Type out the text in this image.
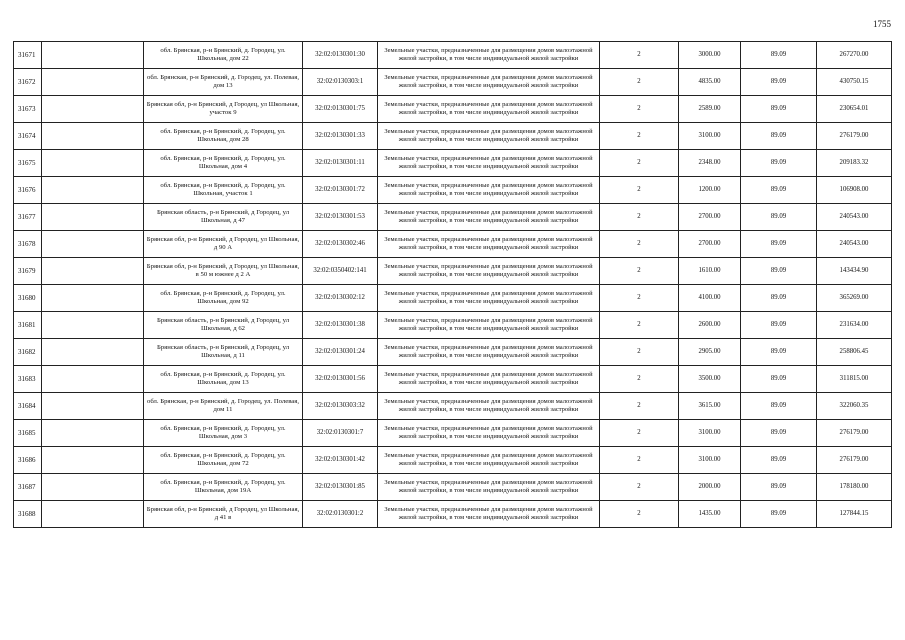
1755
31671		обл. Брянская, р-н Брянский, д. Городец, ул. Школьная, дом 22	32:02:0130301:30	Земельные участки, предназначенные для размещения домов малоэтажной жилой застройки, в том числе индивидуальной жилой застройки	2	3000.00	89.09	267270.00
31672		обл. Брянская, р-н Брянский, д. Городец, ул. Полевая, дом 13	32:02:0130303:1	Земельные участки, предназначенные для размещения домов малоэтажной жилой застройки, в том числе индивидуальной жилой застройки	2	4835.00	89.09	430750.15
31673		Брянская обл, р-н Брянский, д Городец, ул Школьная, участок 9	32:02:0130301:75	Земельные участки, предназначенные для размещения домов малоэтажной жилой застройки, в том числе индивидуальной жилой застройки	2	2589.00	89.09	230654.01
31674		обл. Брянская, р-н Брянский, д. Городец, ул. Школьная, дом 28	32:02:0130301:33	Земельные участки, предназначенные для размещения домов малоэтажной жилой застройки, в том числе индивидуальной жилой застройки	2	3100.00	89.09	276179.00
31675		обл. Брянская, р-н Брянский, д. Городец, ул. Школьная, дом 4	32:02:0130301:11	Земельные участки, предназначенные для размещения домов малоэтажной жилой застройки, в том числе индивидуальной жилой застройки	2	2348.00	89.09	209183.32
31676		обл. Брянская, р-н Брянский, д. Городец, ул. Школьная, участок 1	32:02:0130301:72	Земельные участки, предназначенные для размещения домов малоэтажной жилой застройки, в том числе индивидуальной жилой застройки	2	1200.00	89.09	106908.00
31677		Брянская область, р-н Брянский, д Городец, ул Школьная, д 47	32:02:0130301:53	Земельные участки, предназначенные для размещения домов малоэтажной жилой застройки, в том числе индивидуальной жилой застройки	2	2700.00	89.09	240543.00
31678		Брянская обл, р-н Брянский, д Городец, ул Школьная, д 90 А	32:02:0130302:46	Земельные участки, предназначенные для размещения домов малоэтажной жилой застройки, в том числе индивидуальной жилой застройки	2	2700.00	89.09	240543.00
31679		Брянская обл, р-н Брянский, д Городец, ул Школьная, в 50 м южнее д 2 А	32:02:0350402:141	Земельные участки, предназначенные для размещения домов малоэтажной жилой застройки, в том числе индивидуальной жилой застройки	2	1610.00	89.09	143434.90
31680		обл. Брянская, р-н Брянский, д. Городец, ул. Школьная, дом 92	32:02:0130302:12	Земельные участки, предназначенные для размещения домов малоэтажной жилой застройки, в том числе индивидуальной жилой застройки	2	4100.00	89.09	365269.00
31681		Брянская область, р-н Брянский, д Городец, ул Школьная, д 62	32:02:0130301:38	Земельные участки, предназначенные для размещения домов малоэтажной жилой застройки, в том числе индивидуальной жилой застройки	2	2600.00	89.09	231634.00
31682		Брянская область, р-н Брянский, д Городец, ул Школьная, д 11	32:02:0130301:24	Земельные участки, предназначенные для размещения домов малоэтажной жилой застройки, в том числе индивидуальной жилой застройки	2	2905.00	89.09	258806.45
31683		обл. Брянская, р-н Брянский, д. Городец, ул. Школьная, дом 13	32:02:0130301:56	Земельные участки, предназначенные для размещения домов малоэтажной жилой застройки, в том числе индивидуальной жилой застройки	2	3500.00	89.09	311815.00
31684		обл. Брянская, р-н Брянский, д. Городец, ул. Полевая, дом 11	32:02:0130303:32	Земельные участки, предназначенные для размещения домов малоэтажной жилой застройки, в том числе индивидуальной жилой застройки	2	3615.00	89.09	322060.35
31685		обл. Брянская, р-н Брянский, д. Городец, ул. Школьная, дом 3	32:02:0130301:7	Земельные участки, предназначенные для размещения домов малоэтажной жилой застройки, в том числе индивидуальной жилой застройки	2	3100.00	89.09	276179.00
31686		обл. Брянская, р-н Брянский, д. Городец, ул. Школьная, дом 72	32:02:0130301:42	Земельные участки, предназначенные для размещения домов малоэтажной жилой застройки, в том числе индивидуальной жилой застройки	2	3100.00	89.09	276179.00
31687		обл. Брянская, р-н Брянский, д. Городец, ул. Школьная, дом 19А	32:02:0130301:85	Земельные участки, предназначенные для размещения домов малоэтажной жилой застройки, в том числе индивидуальной жилой застройки	2	2000.00	89.09	178180.00
31688		Брянская обл, р-н Брянский, д Городец, ул Школьная, д 41 в	32:02:0130301:2	Земельные участки, предназначенные для размещения домов малоэтажной жилой застройки, в том числе индивидуальной жилой застройки	2	1435.00	89.09	127844.15
